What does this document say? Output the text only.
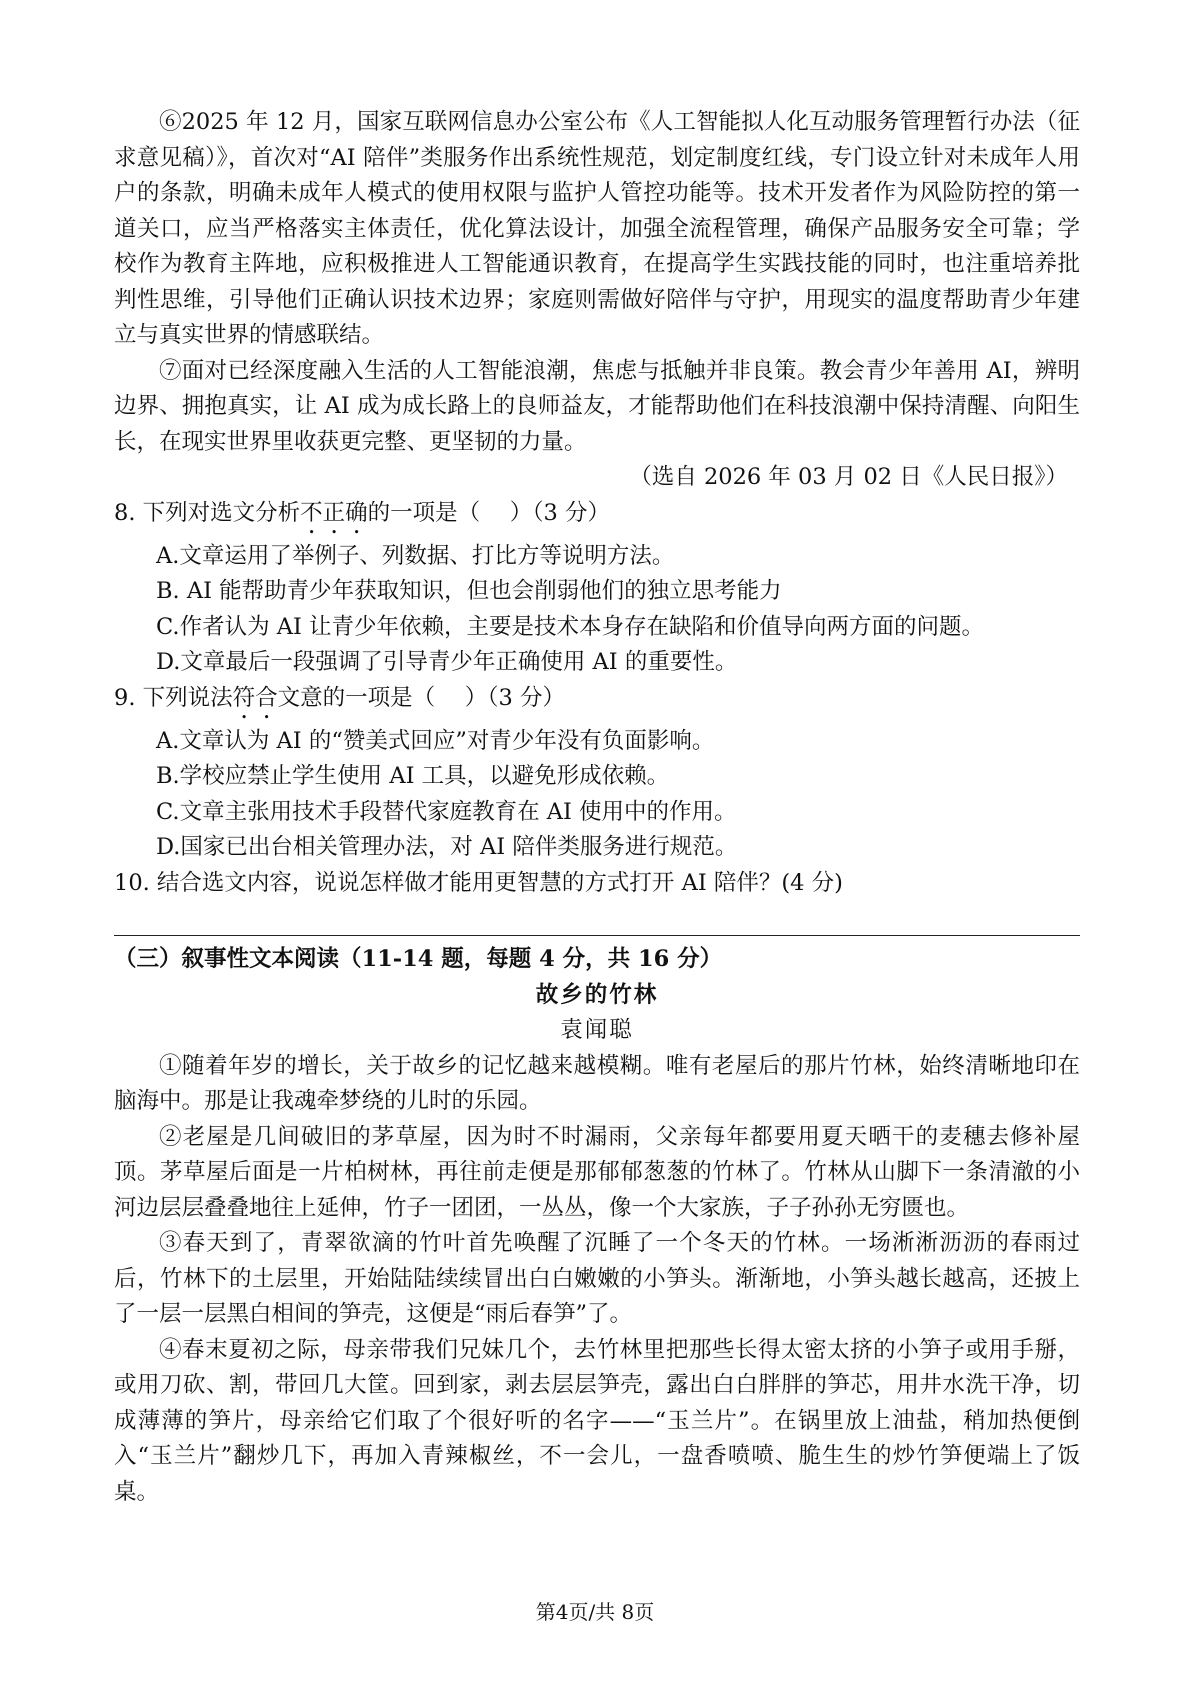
⑥2025 年 12 月，国家互联网信息办公室公布《人工智能拟人化互动服务管理暂行办法（征求意见稿）》，首次对“AI 陪伴”类服务作出系统性规范，划定制度红线，专门设立针对未成年人用户的条款，明确未成年人模式的使用权限与监护人管控功能等。技术开发者作为风险防控的第一道关口，应当严格落实主体责任，优化算法设计，加强全流程管理，确保产品服务安全可靠；学校作为教育主阵地，应积极推进人工智能通识教育，在提高学生实践技能的同时，也注重培养批判性思维，引导他们正确认识技术边界；家庭则需做好陪伴与守护，用现实的温度帮助青少年建立与真实世界的情感联结。

⑦面对已经深度融入生活的人工智能浪潮，焦虑与抵触并非良策。教会青少年善用 AI，辨明边界、拥抱真实，让 AI 成为成长路上的良师益友，才能帮助他们在科技浪潮中保持清醒、向阳生长，在现实世界里收获更完整、更坚韧的力量。

（选自 2026 年 03 月 02 日《人民日报》）

8. 下列对选文分析不正确的一项是（　 ）（3 分）

A.文章运用了举例子、列数据、打比方等说明方法。

B. AI 能帮助青少年获取知识，但也会削弱他们的独立思考能力

C.作者认为 AI 让青少年依赖，主要是技术本身存在缺陷和价值导向两方面的问题。

D.文章最后一段强调了引导青少年正确使用 AI 的重要性。

9. 下列说法符合文意的一项是（　 ）（3 分）

A.文章认为 AI 的“赞美式回应”对青少年没有负面影响。

B.学校应禁止学生使用 AI 工具，以避免形成依赖。

C.文章主张用技术手段替代家庭教育在 AI 使用中的作用。

D.国家已出台相关管理办法，对 AI 陪伴类服务进行规范。

10. 结合选文内容，说说怎样做才能用更智慧的方式打开 AI 陪伴？(4 分)

（三）叙事性文本阅读（11-14 题，每题 4 分，共 16 分）

故乡的竹林

袁闻聪

①随着年岁的增长，关于故乡的记忆越来越模糊。唯有老屋后的那片竹林，始终清晰地印在脑海中。那是让我魂牵梦绕的儿时的乐园。

②老屋是几间破旧的茅草屋，因为时不时漏雨，父亲每年都要用夏天晒干的麦穗去修补屋顶。茅草屋后面是一片柏树林，再往前走便是那郁郁葱葱的竹林了。竹林从山脚下一条清澈的小河边层层叠叠地往上延伸，竹子一团团，一丛丛，像一个大家族，子子孙孙无穷匮也。

③春天到了，青翠欲滴的竹叶首先唤醒了沉睡了一个冬天的竹林。一场淅淅沥沥的春雨过后，竹林下的土层里，开始陆陆续续冒出白白嫩嫩的小笋头。渐渐地，小笋头越长越高，还披上了一层一层黑白相间的笋壳，这便是“雨后春笋”了。

④春末夏初之际，母亲带我们兄妹几个，去竹林里把那些长得太密太挤的小笋子或用手掰，或用刀砍、割，带回几大筐。回到家，剥去层层笋壳，露出白白胖胖的笋芯，用井水洗干净，切成薄薄的笋片，母亲给它们取了个很好听的名字——“玉兰片”。在锅里放上油盐，稍加热便倒入“玉兰片”翻炒几下，再加入青辣椒丝，不一会儿，一盘香喷喷、脆生生的炒竹笋便端上了饭桌。

第4页/共 8页
